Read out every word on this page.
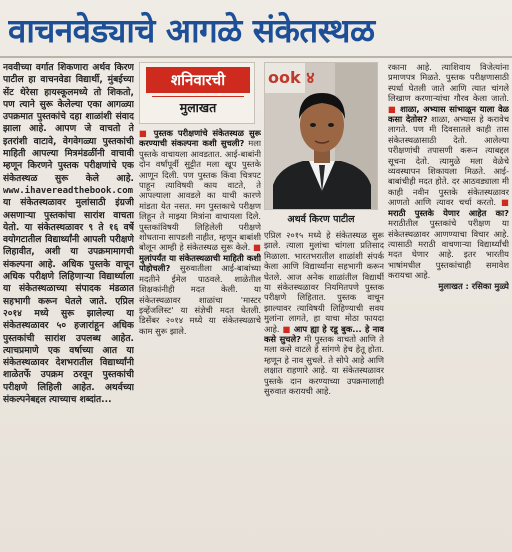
वाचनवेड्याचे आगळे संकेतस्थळ
नववीच्या वर्गात शिकणारा अर्थव किरण पाटील हा वाचनवेडा विद्यार्थी, मुंबईच्या सेंट थेरेसा हायस्कूलमध्ये तो शिकतो, पण त्याने सुरू केलेल्या एका आगळ्या उपक्रमात पुस्तकांचे दहा शाळांशी संवाद झाला आहे. आपण जे वाचतो ते इतरांशी वाटावे, वेगवेगळ्या पुस्तकांची माहिती आपल्या मित्रमंडळींनी वाचावी म्हणून किरणने पुस्तक परीक्षणांचे एक संकेतस्थळ सुरू केले आहे. www.ihavereadthebook.com या संकेतस्थळावर मुलांसाठी इंग्रजी असणाऱ्या पुस्तकांचा सारांश वाचता येतो. या संकेतस्थळावर ९ ते १६ वर्षे वयोगटातील विद्यार्थ्यांनी आपली परीक्षणे लिहावीत, अशी या उपक्रमामागची संकल्पना आहे. अधिक पुस्तके वाचून अधिक परीक्षणे लिहिणाऱ्या विद्यार्थ्याला या संकेतस्थळाच्या संपादक मंडळात सहभागी करून घेतले जाते. एप्रिल २०१४ मध्ये सुरू झालेल्या या संकेतस्थळावर ५० हजारांहून अधिक पुस्तकांची सारांश उपलब्ध आहेत. त्याचप्रमाणे एक वर्षाच्या आत या संकेतस्थळावर देशभरातील विद्यार्थ्यांनी शाळेतर्फे उपक्रम ठरवून पुस्तकांची परीक्षणे लिहिली आहेत. अथर्वच्या संकल्पनेबद्दल त्याच्याच शब्दांत...
शनिवारची
मुलाखत
■ पुस्तक परीक्षणांचे संकेतस्थळ सुरू करण्याची संकल्पना कशी सुचली? मला पुस्तके वाचायला आवडतात. आई-बाबांनी दोन वर्षांपूर्वी सुट्टीत मला खूप पुस्तके आणून दिली. पण पुस्तक किंवा चित्रपट पाहून त्याविषयी काय वाटते, ते आपल्याला आवडले का याची कारणे मांडता येत नसत. मग पुस्तकाचे परीक्षण लिहून ते माझ्या मित्रांना वाचायला दिले. पुस्तकांविषयी लिहिलेली परीक्षणे शोधताना सापडली नाहीत, म्हणून बाबांशी बोलून आम्ही हे संकेतस्थळ सुरू केले. ■ मुलांपर्यंत या संकेतस्थळाची माहिती कशी पोहोचली? सुरुवातीला आई-बाबांच्या मदतीने ईमेल पाठवले. शाळेतील शिक्षकांनीही मदत केली. या संकेतस्थळावर शाळांचा 'मास्टर इव्हेंजलिस्ट' या संज्ञेची मदत घेतली. डिसेंबर २०१४ मध्ये या संकेतस्थळाचे काम सुरू झाले.
ook ४
अथर्व किरण पाटील
एप्रिल २०१५ मध्ये हे संकेतस्थळ सुरू झाले. त्याला मुलांचा चांगला प्रतिसाद मिळाला. भारतभरातील शाळांशी संपर्क केला आणि विद्यार्थ्यांना सहभागी करून घेतले. आज अनेक शाळांतील विद्यार्थी या संकेतस्थळावर नियमितपणे पुस्तक परीक्षणे लिहितात. पुस्तक वाचून झाल्यावर त्याविषयी लिहिण्याची सवय मुलांना लागते, हा याचा मोठा फायदा आहे. ■ आप ह्या हे रडू बुक... हे नाव कसे सुचले? मी पुस्तक वाचतो आणि ते मला कसे वाटले हे सांगणे हेच हेतू होता. म्हणून हे नाव सुचले. ते सोपे आहे आणि लक्षात राहणारे आहे. या संकेतस्थळावर पुस्तके दान करण्याच्या उपक्रमालाही सुरुवात करायची आहे.
रकाना आहे. त्याशिवाय विजेत्यांना प्रमाणपत्र मिळते. पुस्तक परीक्षणासाठी स्पर्धा घेतली जाते आणि त्यात चांगले लिखाण करणाऱ्यांचा गौरव केला जातो. ■ शाळा, अभ्यास सांभाळून याला वेळ कसा देतोस? शाळा, अभ्यास हे करावेच लागते. पण मी दिवसातले काही तास संकेतस्थळासाठी देतो. आलेल्या परीक्षणांची तपासणी करून त्याबद्दल सूचना देतो. त्यामुळे मला वेळेचे व्यवस्थापन शिकायला मिळते. आई-बाबांचीही मदत होते. दर आठवड्याला मी काही नवीन पुस्तके संकेतस्थळावर आणतो आणि त्यावर चर्चा करतो. ■ मराठी पुस्तके येणार आहेत का? मराठीतील पुस्तकांचे परीक्षण या संकेतस्थळावर आणण्याचा विचार आहे. त्यासाठी मराठी वाचणाऱ्या विद्यार्थ्यांची मदत घेणार आहे. इतर भारतीय भाषांमधील पुस्तकांचाही समावेश करायचा आहे.
मुलाखत : रसिका मुळ्ये
